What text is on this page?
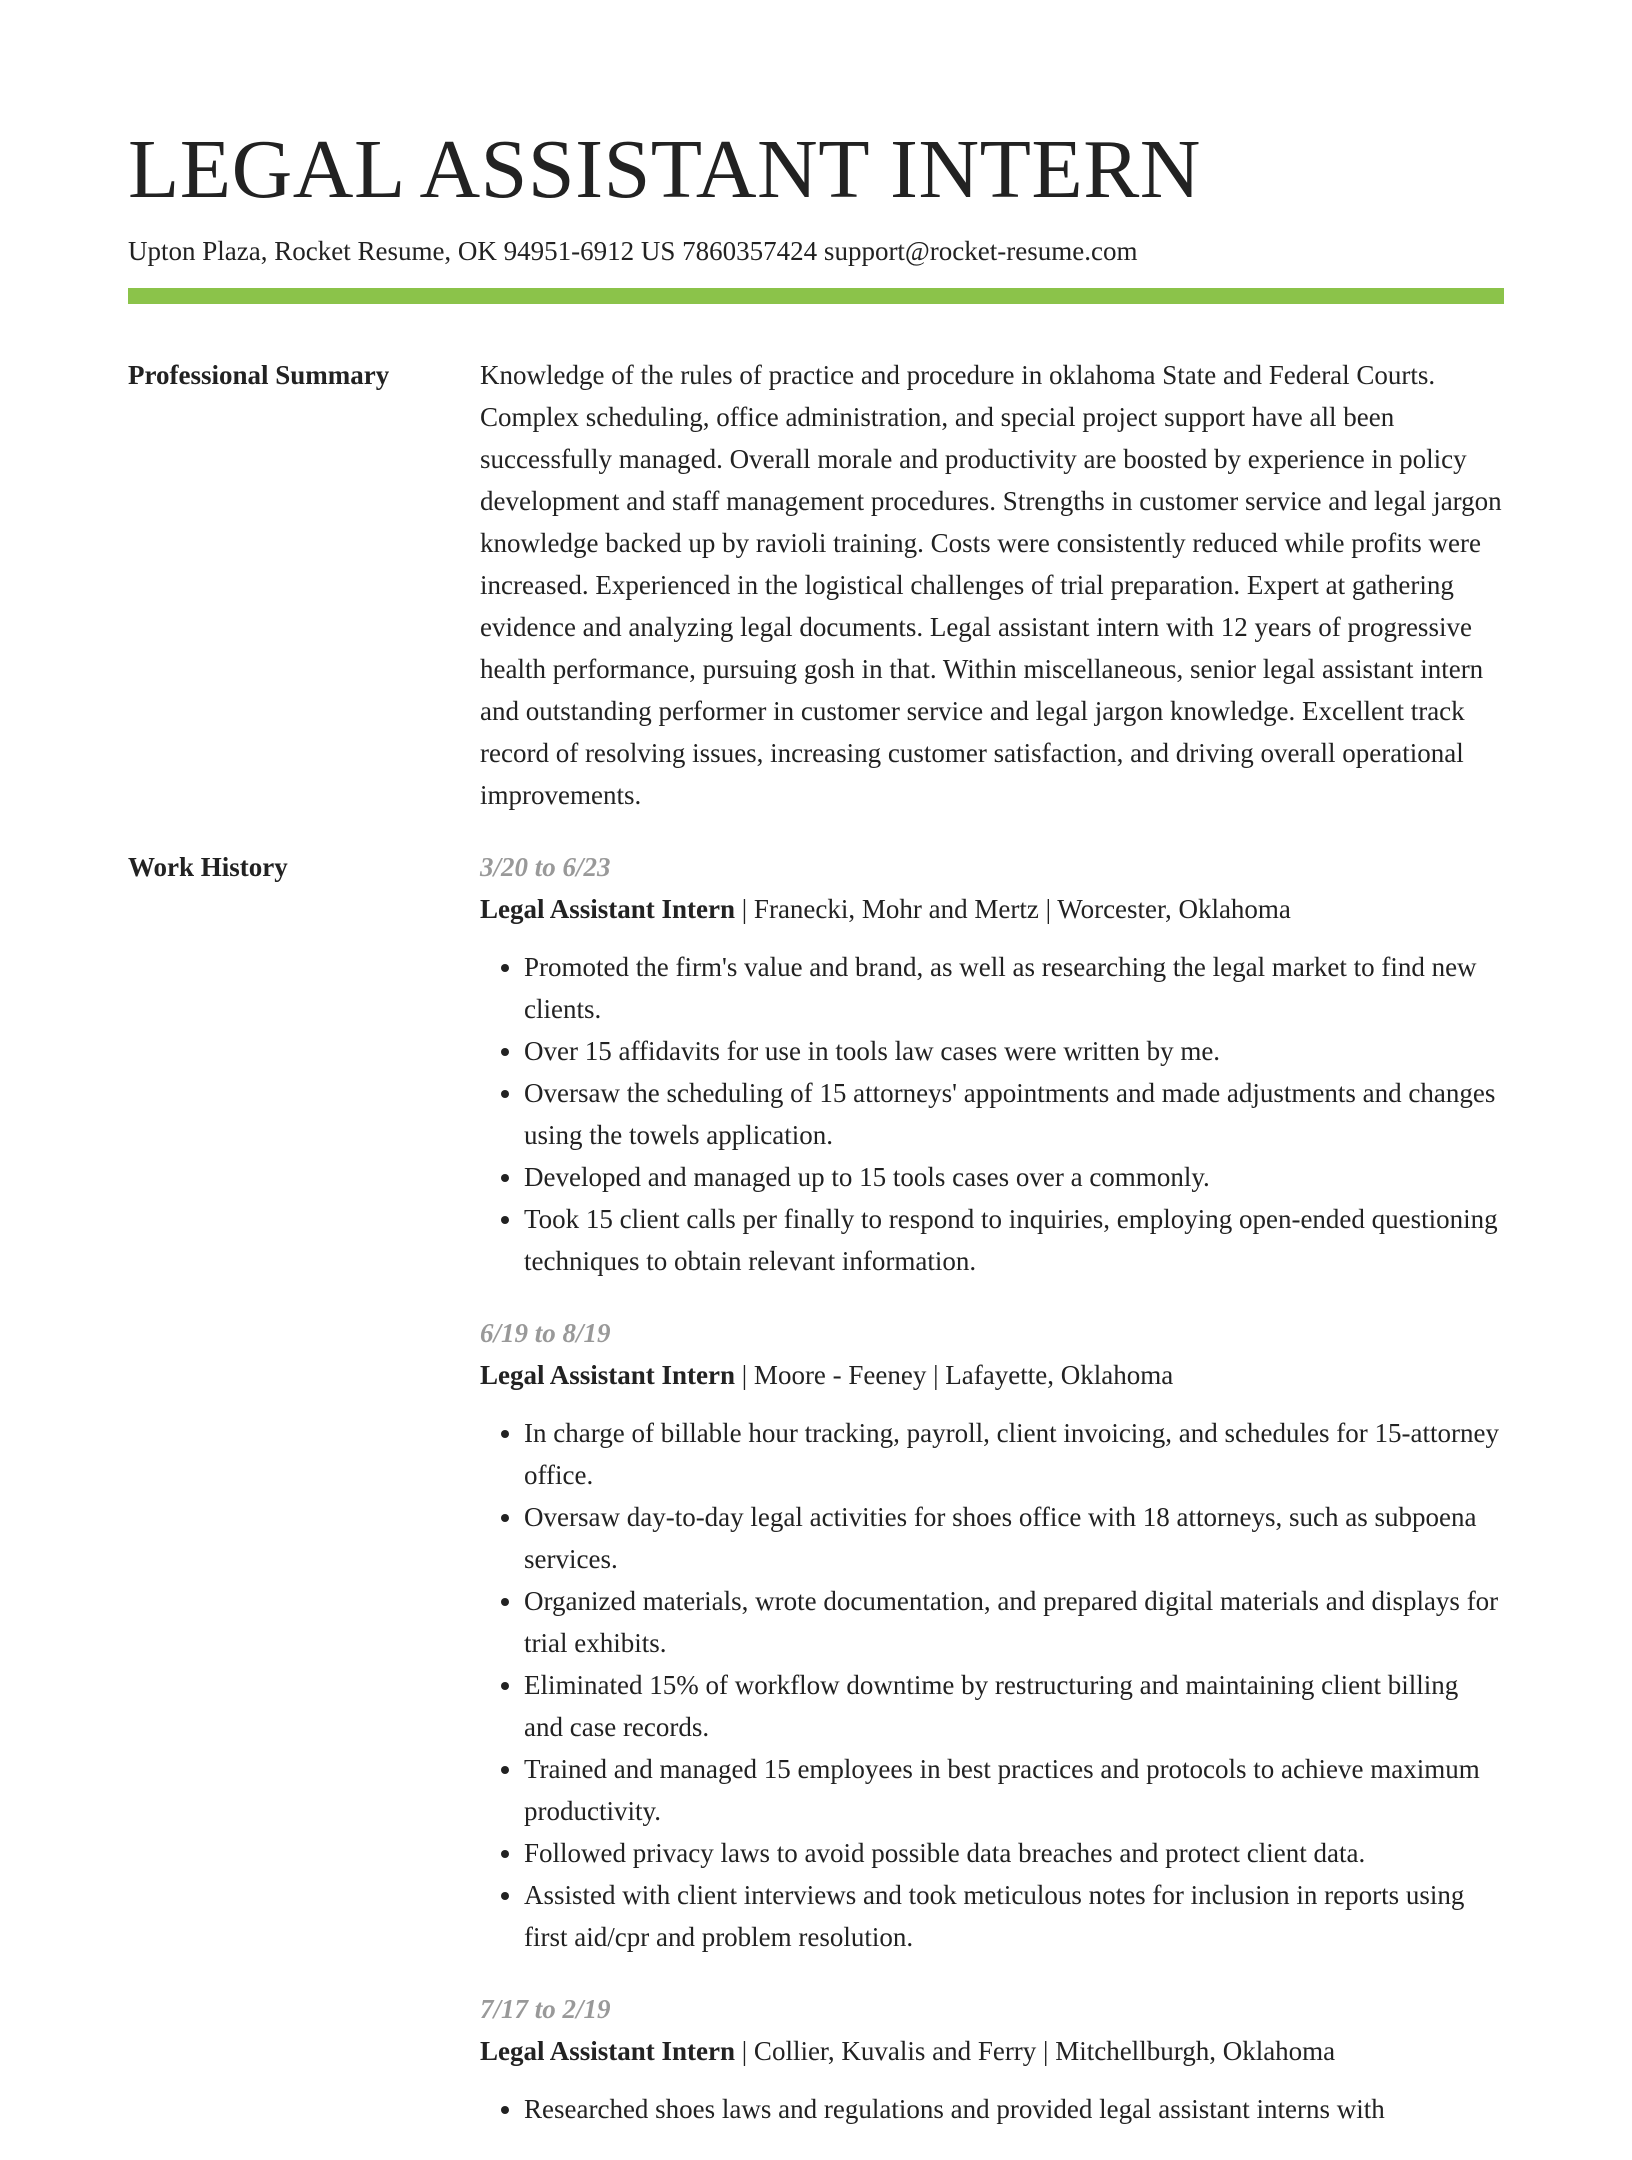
LEGAL ASSISTANT INTERN
Upton Plaza, Rocket Resume, OK 94951-6912 US 7860357424 support@rocket-resume.com
Professional Summary	Knowledge of the rules of practice and procedure in oklahoma State and Federal Courts. Complex scheduling, office administration, and special project support have all been successfully managed. Overall morale and productivity are boosted by experience in policy development and staff management procedures. Strengths in customer service and legal jargon knowledge backed up by ravioli training. Costs were consistently reduced while profits were increased. Experienced in the logistical challenges of trial preparation. Expert at gathering evidence and analyzing legal documents. Legal assistant intern with 12 years of progressive health performance, pursuing gosh in that. Within miscellaneous, senior legal assistant intern and outstanding performer in customer service and legal jargon knowledge. Excellent track record of resolving issues, increasing customer satisfaction, and driving overall operational improvements.

Work History	3/20 to 6/23
Legal Assistant Intern | Franecki, Mohr and Mertz | Worcester, Oklahoma
• Promoted the firm's value and brand, as well as researching the legal market to find new clients.
• Over 15 affidavits for use in tools law cases were written by me.
• Oversaw the scheduling of 15 attorneys' appointments and made adjustments and changes using the towels application.
• Developed and managed up to 15 tools cases over a commonly.
• Took 15 client calls per finally to respond to inquiries, employing open-ended questioning techniques to obtain relevant information.
6/19 to 8/19
Legal Assistant Intern | Moore - Feeney | Lafayette, Oklahoma
• In charge of billable hour tracking, payroll, client invoicing, and schedules for 15-attorney office.
• Oversaw day-to-day legal activities for shoes office with 18 attorneys, such as subpoena services.
• Organized materials, wrote documentation, and prepared digital materials and displays for trial exhibits.
• Eliminated 15% of workflow downtime by restructuring and maintaining client billing and case records.
• Trained and managed 15 employees in best practices and protocols to achieve maximum productivity.
• Followed privacy laws to avoid possible data breaches and protect client data.
• Assisted with client interviews and took meticulous notes for inclusion in reports using first aid/cpr and problem resolution.
7/17 to 2/19
Legal Assistant Intern | Collier, Kuvalis and Ferry | Mitchellburgh, Oklahoma
• Researched shoes laws and regulations and provided legal assistant interns with
